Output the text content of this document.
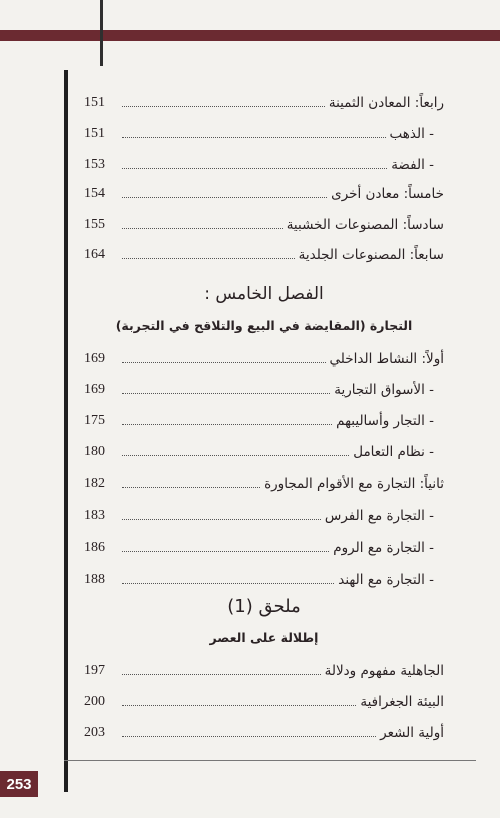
151	رابعاً: المعادن الثمينة
151	- الذهب
153	- الفضة
154	خامساً: معادن أخرى
155	سادساً: المصنوعات الخشبية
164	سابعاً: المصنوعات الجلدية
الفصل الخامس :
التجارة (المقايضة في البيع والتلاقح في التجربة)
169	أولاً: النشاط الداخلي
169	- الأسواق التجارية
175	- التجار وأساليبهم
180	- نظام التعامل
182	ثانياً: التجارة مع الأقوام المجاورة
183	- التجارة مع الفرس
186	- التجارة مع الروم
188	- التجارة مع الهند
ملحق (1)
إطلالة على العصر
197	الجاهلية مفهوم ودلالة
200	البيئة الجغرافية
203	أولية الشعر
253
